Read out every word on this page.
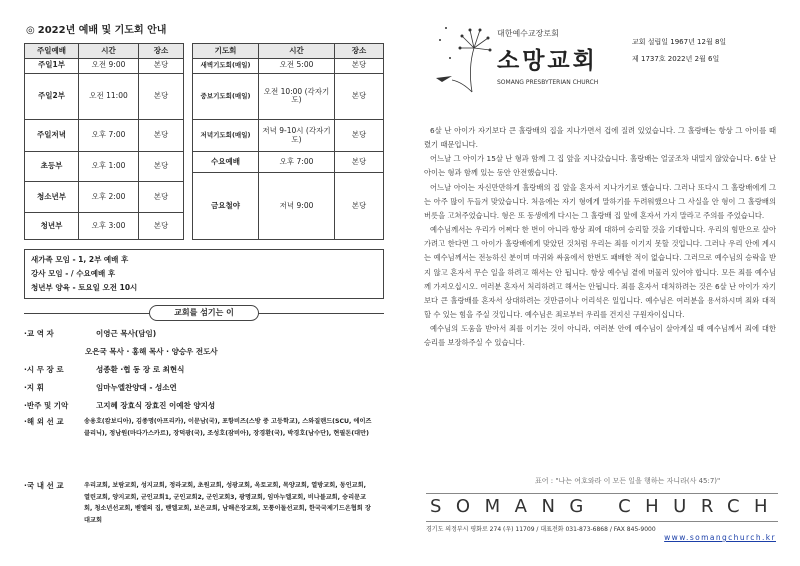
◎ 2022년 예배 및 기도회 안내
주일예배	시간	장소
주일1부	오전 9:00	본당
주일2부	오전 11:00	본당
주일저녁	오후 7:00	본당
초등부	오후 1:00	본당
청소년부	오후 2:00	본당
청년부	오후 3:00	본당
기도회	시간	장소
새벽기도회(매일)	오전 5:00	본당
중보기도회(매일)	오전 10:00 (각자기도)	본당
저녁기도회(매일)	저녁 9-10시 (각자기도)	본당
수요예배	오후 7:00	본당
금요철야	저녁 9:00	본당
새가족 모임 - 1, 2부 예배 후
강사 모임 - / 수요예배 후
청년부 양육 - 토요일 오전 10시
교회를 섬기는 이
·교 역 자	이영근 목사(담임)
오은국 목사 · 홍해 목사 · 양승우 전도사
·시 무 장 로	성종환 ·협 동 장 로 최현식
·지 휘	임마누엘찬양대 - 성소연
·반주 및 기악	고지혜 장효식 장효진 이예찬 양지성
·해 외 선 교	송용호(캄보디아), 김종명(아프리카), 이문남(국), 포항비즈(스방 중 고등학교), 스와질랜드(SCU, 에이즈클리닉), 정남원(마다가스카르), 장덕광(국), 조성호(잠비아), 장경환(국), 박경호(남수단), 현필돈(대만)
·국 내 선 교	우리교회, 보람교회, 성지교회, 정라교회, 초원교회, 성광교회, 옥토교회, 목양교회, 열방교회, 동인교회, 열린교회, 양지교회, 군인교회1, 군인교회2, 군인교회3, 광명교회, 임마누엘교회, 비나블교회, 승리문교회, 청소년선교회, 벧엘의 집, 벧엘교회, 보은교회, 남해은장교회, 모퉁이돌선교회, 한국국제기드온협회 장대교회
대한예수교장로회
소망교회
SOMANG PRESBYTERIAN CHURCH
교회 설립일 1967년 12월 8일
제 1737호 2022년 2월 6일

6살 난 아이가 자기보다 큰 홀랑배의 집을 지나가면서 겁에 질려 있었습니다. 그 홀랑배는 항상 그 아이를 때렸기 때문입니다.

어느날 그 아이가 15살 난 형과 함께 그 집 앞을 지나갔습니다. 홀랑배는 얼굴조차 내밀지 않았습니다. 6살 난 아이는 형과 함께 있는 동안 안전했습니다.

어느날 아이는 자신만만하게 홀랑배의 집 앞을 혼자서 지나가기로 했습니다. 그러나 또다시 그 홀랑배에게 그는 아주 많이 두들겨 맞았습니다. 처음에는 자기 형에게 말하기를 두려워했으나 그 사실을 안 형이 그 홀랑배의 버릇을 고쳐주었습니다. 형은 또 동생에게 다시는 그 홀랑배 집 앞에 혼자서 가지 말라고 주의를 주었습니다.

예수님께서는 우리가 어쩌다 한 번이 아니라 항상 죄에 대하여 승리할 것을 기대합니다. 우리의 힘만으로 살아가려고 한다면 그 아이가 홀랑배에게 맞았던 것처럼 우리는 죄를 이기지 못할 것입니다. 그러나 우리 안에 계시는 예수님께서는 전능하신 분이며 마귀와 싸움에서 한번도 패배한 적이 없습니다. 그러므로 예수님의 승락을 받지 않고 혼자서 무슨 일을 하려고 해서는 안 됩니다. 항상 예수님 곁에 머물러 있어야 합니다. 모든 죄를 예수님께 가져오십시오. 여러분 혼자서 처리하려고 해서는 안됩니다. 죄를 혼자서 대처하려는 것은 6살 난 아이가 자기보다 큰 홀랑배를 혼자서 상대하려는 것만큼이나 어리석은 일입니다. 예수님은 여러분을 용서하시며 죄와 대적할 수 있는 힘을 주실 것입니다. 예수님은 죄로부터 우리를 건지신 구원자이십니다.

예수님의 도움을 받아서 죄를 이기는 것이 아니라, 여러분 안에 예수님이 살아계실 때 예수님께서 죄에 대한 승리를 보장하주실 수 있습니다.

표어 : "나는 여호와라 이 모든 일을 행하는 자니라(사 45:7)"
SOMANG CHURCH
경기도 의정부시 평화로 274 (우) 11709 / 대표전화 031-873-6868 / FAX 845-9000
www.somangchurch.kr
